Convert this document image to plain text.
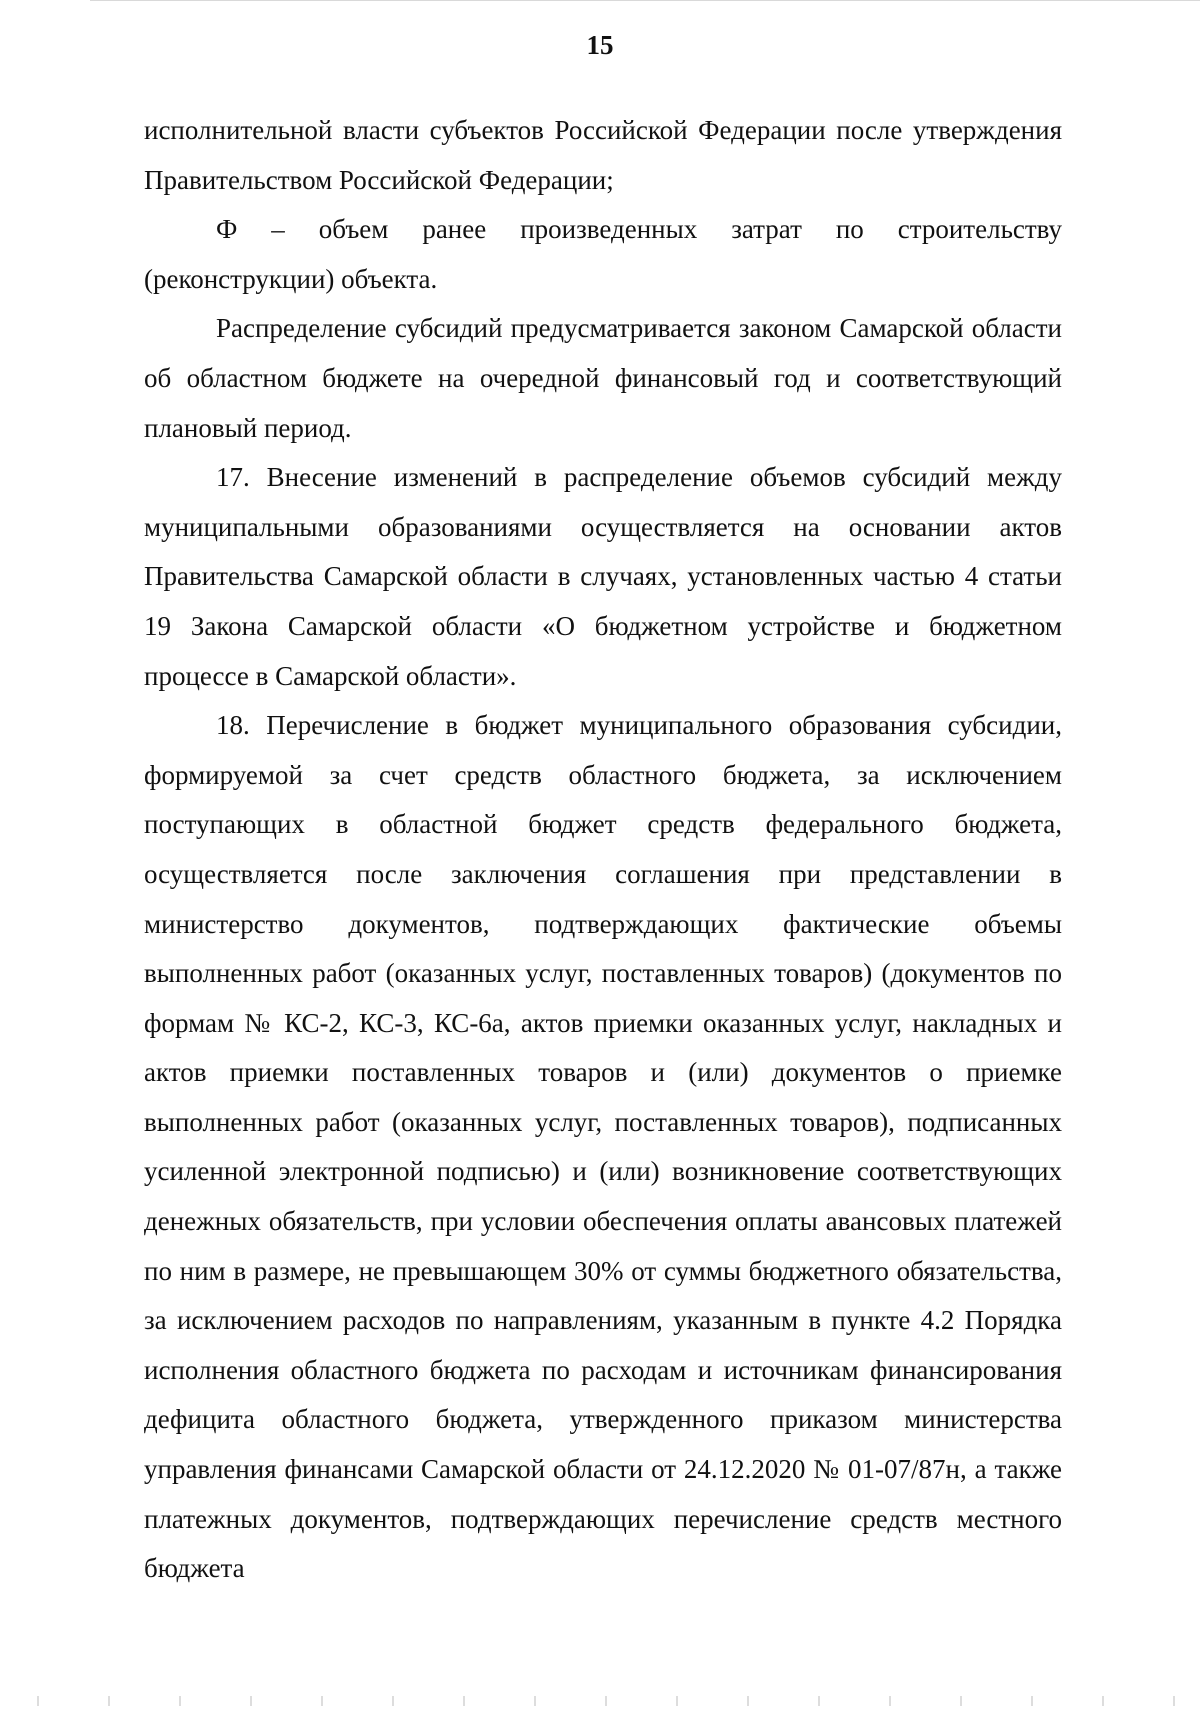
15

исполнительной власти субъектов Российской Федерации после утверждения Правительством Российской Федерации;

Ф – объем ранее произведенных затрат по строительству (реконструкции) объекта.

Распределение субсидий предусматривается законом Самарской области об областном бюджете на очередной финансовый год и соответствующий плановый период.

17. Внесение изменений в распределение объемов субсидий между муниципальными образованиями осуществляется на основании актов Правительства Самарской области в случаях, установленных частью 4 статьи 19 Закона Самарской области «О бюджетном устройстве и бюджетном процессе в Самарской области».

18. Перечисление в бюджет муниципального образования субсидии, формируемой за счет средств областного бюджета, за исключением поступающих в областной бюджет средств федерального бюджета, осуществляется после заключения соглашения при представлении в министерство документов, подтверждающих фактические объемы выполненных работ (оказанных услуг, поставленных товаров) (документов по формам № КС-2, КС-3, КС-6а, актов приемки оказанных услуг, накладных и актов приемки поставленных товаров и (или) документов о приемке выполненных работ (оказанных услуг, поставленных товаров), подписанных усиленной электронной подписью) и (или) возникновение соответствующих денежных обязательств, при условии обеспечения оплаты авансовых платежей по ним в размере, не превышающем 30% от суммы бюджетного обязательства, за исключением расходов по направлениям, указанным в пункте 4.2 Порядка исполнения областного бюджета по расходам и источникам финансирования дефицита областного бюджета, утвержденного приказом министерства управления финансами Самарской области от 24.12.2020 № 01-07/87н, а также платежных документов, подтверждающих перечисление средств местного бюджета
